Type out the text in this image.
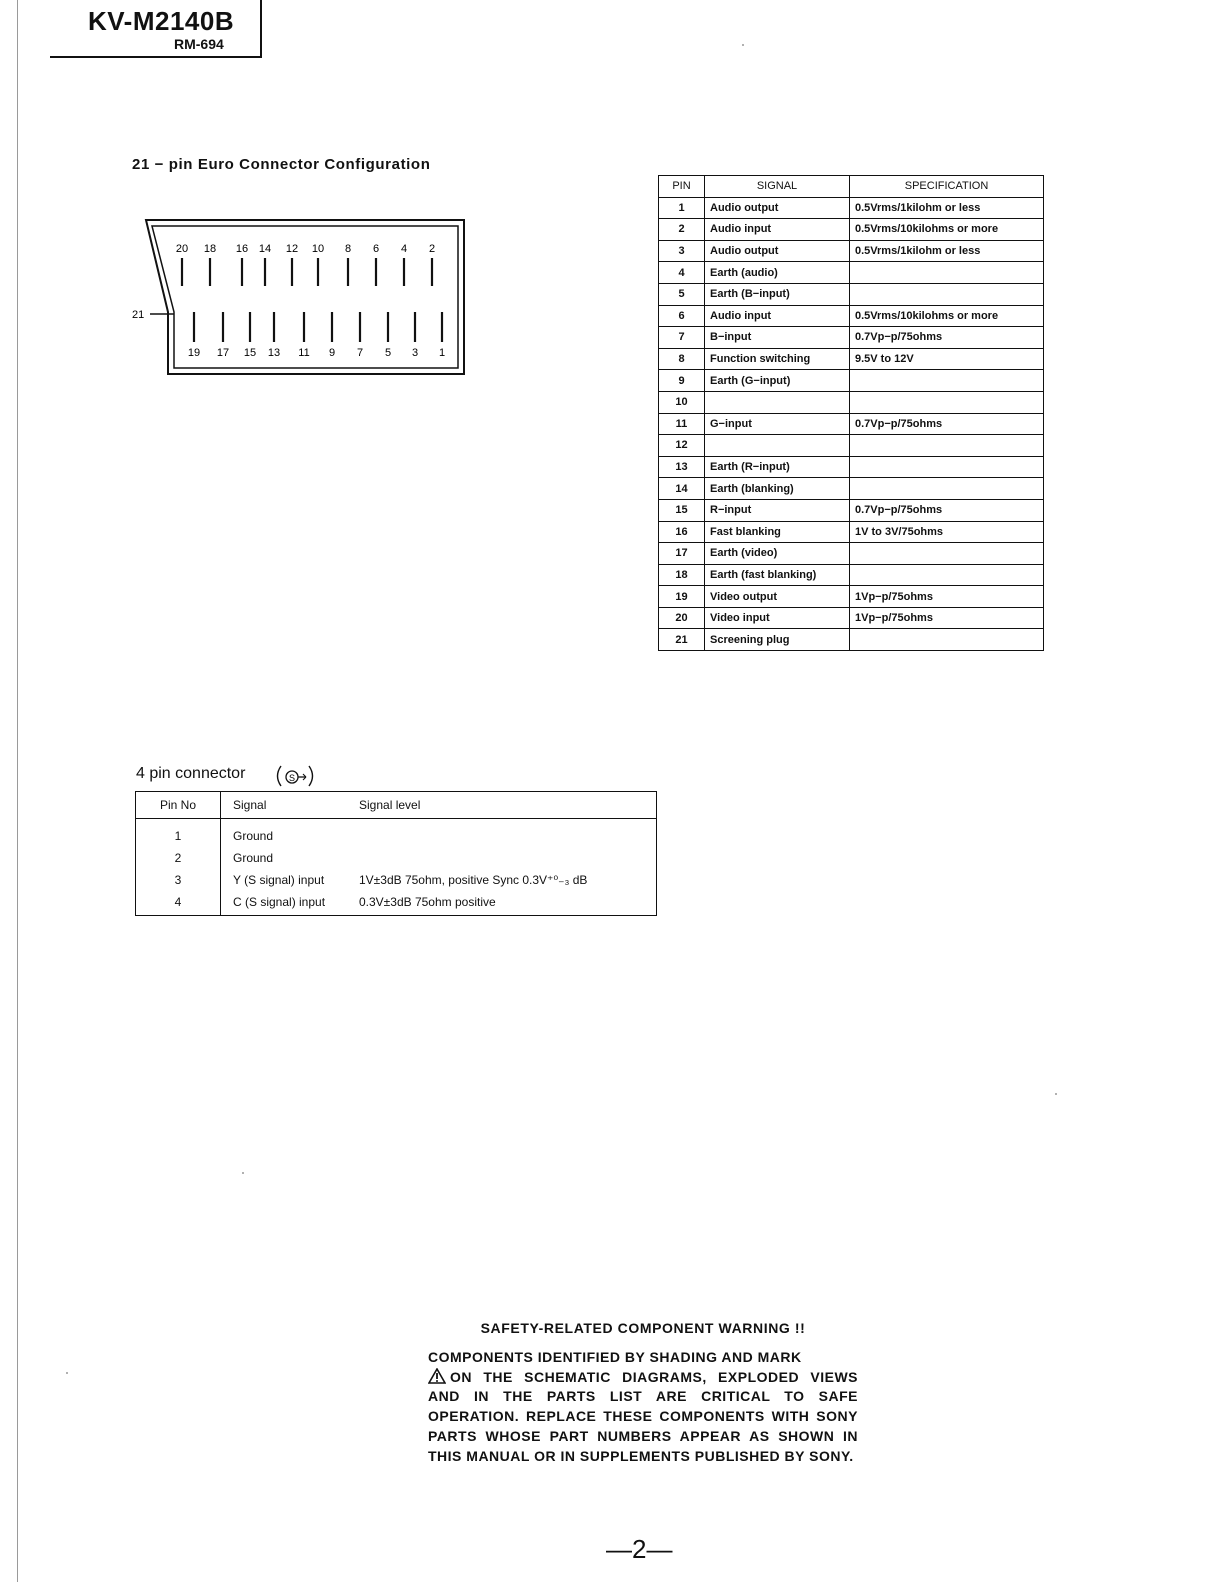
KV-M2140B
RM-694
21 − pin Euro Connector Configuration
20 18 16 14 12 10 8 6 4 2
19 17 15 13 11 9 7 5 3 1
21
PIN	SIGNAL	SPECIFICATION
1	Audio output	0.5Vrms/1kilohm or less
2	Audio input	0.5Vrms/10kilohms or more
3	Audio output	0.5Vrms/1kilohm or less
4	Earth (audio)	
5	Earth (B−input)	
6	Audio input	0.5Vrms/10kilohms or more
7	B−input	0.7Vp−p/75ohms
8	Function switching	9.5V to 12V
9	Earth (G−input)	
10		
11	G−input	0.7Vp−p/75ohms
12		
13	Earth (R−input)	
14	Earth (blanking)	
15	R−input	0.7Vp−p/75ohms
16	Fast blanking	1V to 3V/75ohms
17	Earth (video)	
18	Earth (fast blanking)	
19	Video output	1Vp−p/75ohms
20	Video input	1Vp−p/75ohms
21	Screening plug	
4 pin connector	S
Pin No	Signal Signal level
1	Ground
2	Ground
3	Y (S signal) input 1V±3dB 75ohm, positive Sync 0.3V⁺⁰₋₃ dB
4	C (S signal) input 0.3V±3dB 75ohm positive
SAFETY-RELATED COMPONENT WARNING !!
COMPONENTS IDENTIFIED BY SHADING AND MARK
ON THE SCHEMATIC DIAGRAMS, EXPLODED VIEWS AND IN THE PARTS LIST ARE CRITICAL TO SAFE OPERATION. REPLACE THESE COMPONENTS WITH SONY PARTS WHOSE PART NUMBERS APPEAR AS SHOWN IN THIS MANUAL OR IN SUPPLEMENTS PUBLISHED BY SONY.
—2—
